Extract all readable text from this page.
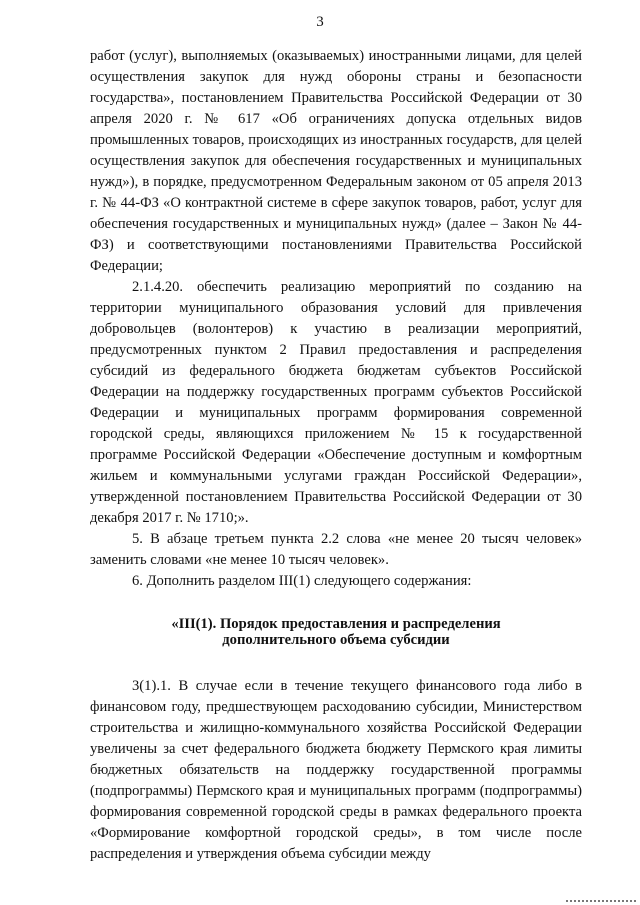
3

работ (услуг), выполняемых (оказываемых) иностранными лицами, для целей осуществления закупок для нужд обороны страны и безопасности государства», постановлением Правительства Российской Федерации от 30 апреля 2020 г. № 617 «Об ограничениях допуска отдельных видов промышленных товаров, происходящих из иностранных государств, для целей осуществления закупок для обеспечения государственных и муниципальных нужд»), в порядке, предусмотренном Федеральным законом от 05 апреля 2013 г. № 44-ФЗ «О контрактной системе в сфере закупок товаров, работ, услуг для обеспечения государственных и муниципальных нужд» (далее – Закон № 44-ФЗ) и соответствующими постановлениями Правительства Российской Федерации;

2.1.4.20. обеспечить реализацию мероприятий по созданию на территории муниципального образования условий для привлечения добровольцев (волонтеров) к участию в реализации мероприятий, предусмотренных пунктом 2 Правил предоставления и распределения субсидий из федерального бюджета бюджетам субъектов Российской Федерации на поддержку государственных программ субъектов Российской Федерации и муниципальных программ формирования современной городской среды, являющихся приложением № 15 к государственной программе Российской Федерации «Обеспечение доступным и комфортным жильем и коммунальными услугами граждан Российской Федерации», утвержденной постановлением Правительства Российской Федерации от 30 декабря 2017 г. № 1710;».

5. В абзаце третьем пункта 2.2 слова «не менее 20 тысяч человек» заменить словами «не менее 10 тысяч человек».

6. Дополнить разделом III(1) следующего содержания:

«III(1). Порядок предоставления и распределения
дополнительного объема субсидии

3(1).1. В случае если в течение текущего финансового года либо в финансовом году, предшествующем расходованию субсидии, Министерством строительства и жилищно-коммунального хозяйства Российской Федерации увеличены за счет федерального бюджета бюджету Пермского края лимиты бюджетных обязательств на поддержку государственной программы (подпрограммы) Пермского края и муниципальных программ (подпрограммы) формирования современной городской среды в рамках федерального проекта «Формирование комфортной городской среды», в том числе после распределения и утверждения объема субсидии между
